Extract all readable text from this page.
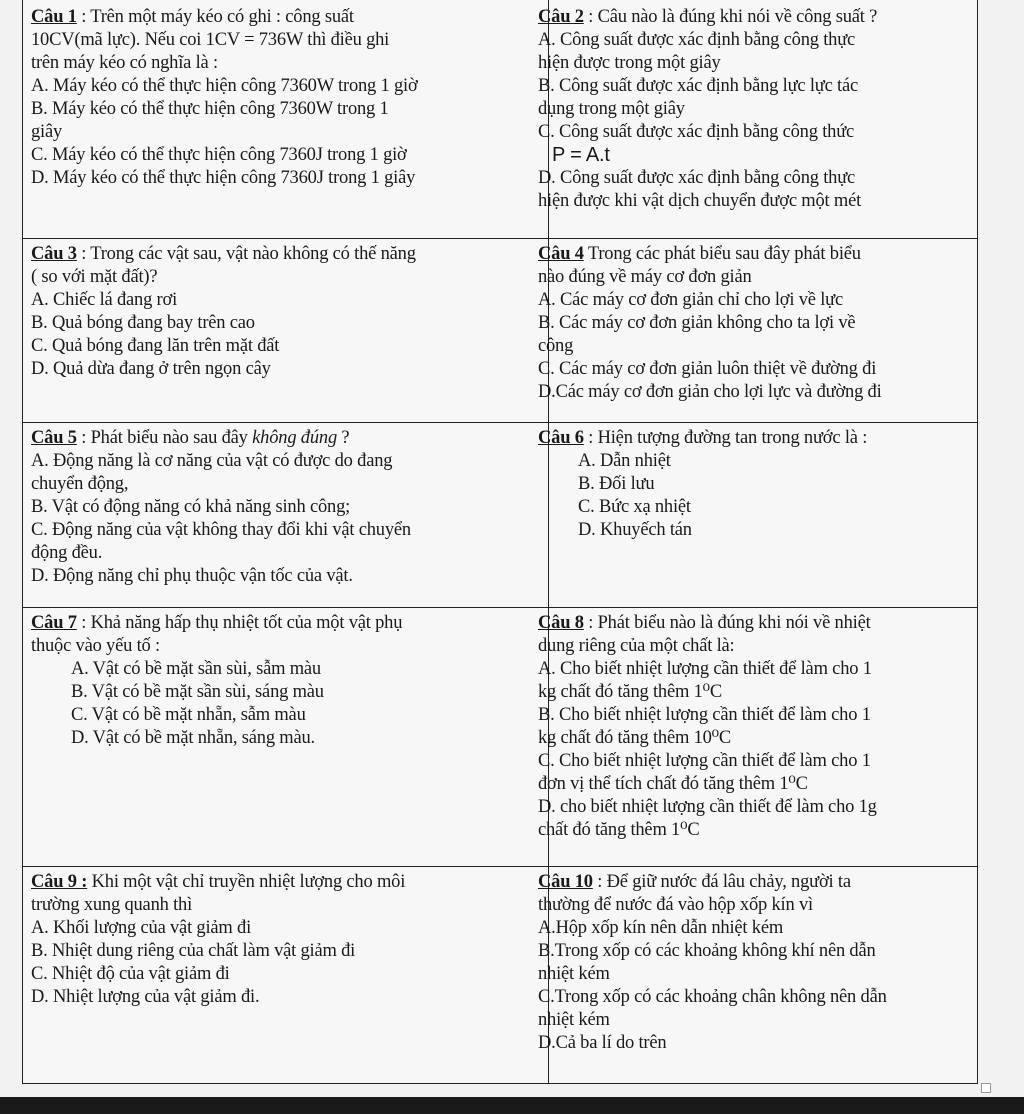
Câu 1 : Trên một máy kéo có ghi : công suất
10CV(mã lực). Nếu coi 1CV = 736W thì điều ghi
trên máy kéo có nghĩa là :
A. Máy kéo có thể thực hiện công 7360W trong 1 giờ
B. Máy kéo có thể thực hiện công 7360W trong 1
giây
C. Máy kéo có thể thực hiện công 7360J trong 1 giờ
D. Máy kéo có thể thực hiện công 7360J trong 1 giây
Câu 2 : Câu nào là đúng khi nói về công suất ?
A. Công suất được xác định bằng công thực
hiện được trong một giây
B. Công suất được xác định bằng lực lực tác
dụng trong một giây
C. Công suất được xác định bằng công thức
P = A.t
D. Công suất được xác định bằng công thực
hiện được khi vật dịch chuyển được một mét
Câu 3 : Trong các vật sau, vật nào không có thế năng
( so với mặt đất)?
A. Chiếc lá đang rơi
B. Quả bóng đang bay trên cao
C. Quả bóng đang lăn trên mặt đất
D. Quả dừa đang ở trên ngọn cây
Câu 4 Trong các phát biểu sau đây phát biểu
nào đúng về máy cơ đơn giản
A. Các máy cơ đơn giản chỉ cho lợi về lực
B. Các máy cơ đơn giản không cho ta lợi về
công
C. Các máy cơ đơn giản luôn thiệt về đường đi
D.Các máy cơ đơn giản cho lợi lực và đường đi
Câu 5 : Phát biểu nào sau đây không đúng ?
A. Động năng là cơ năng của vật có được do đang
chuyển động,
B. Vật có động năng có khả năng sinh công;
C. Động năng của vật không thay đổi khi vật chuyển
động đều.
D. Động năng chỉ phụ thuộc vận tốc của vật.
Câu 6 : Hiện tượng đường tan trong nước là :
A. Dẫn nhiệt
B. Đối lưu
C. Bức xạ nhiệt
D. Khuyếch tán
Câu 7 : Khả năng hấp thụ nhiệt tốt của một vật phụ
thuộc vào yếu tố :
A. Vật có bề mặt sần sùi, sẫm màu
B. Vật có bề mặt sần sùi, sáng màu
C. Vật có bề mặt nhẵn, sẫm màu
D. Vật có bề mặt nhẵn, sáng màu.
Câu 8 : Phát biểu nào là đúng khi nói về nhiệt
dung riêng của một chất là:
A. Cho biết nhiệt lượng cần thiết để làm cho 1
kg chất đó tăng thêm 1⁰C
B. Cho biết nhiệt lượng cần thiết để làm cho 1
kg chất đó tăng thêm 10⁰C
C. Cho biết nhiệt lượng cần thiết để làm cho 1
đơn vị thể tích chất đó tăng thêm 1⁰C
D. cho biết nhiệt lượng cần thiết để làm cho 1g
chất đó tăng thêm 1⁰C
Câu 9 : Khi một vật chỉ truyền nhiệt lượng cho môi
trường xung quanh thì
A. Khối lượng của vật giảm đi
B. Nhiệt dung riêng của chất làm vật giảm đi
C. Nhiệt độ của vật giảm đi
D. Nhiệt lượng của vật giảm đi.
Câu 10 : Để giữ nước đá lâu chảy, người ta
thường để nước đá vào hộp xốp kín vì
A.Hộp xốp kín nên dẫn nhiệt kém
B.Trong xốp có các khoảng không khí nên dẫn
nhiệt kém
C.Trong xốp có các khoảng chân không nên dẫn
nhiệt kém
D.Cả ba lí do trên
